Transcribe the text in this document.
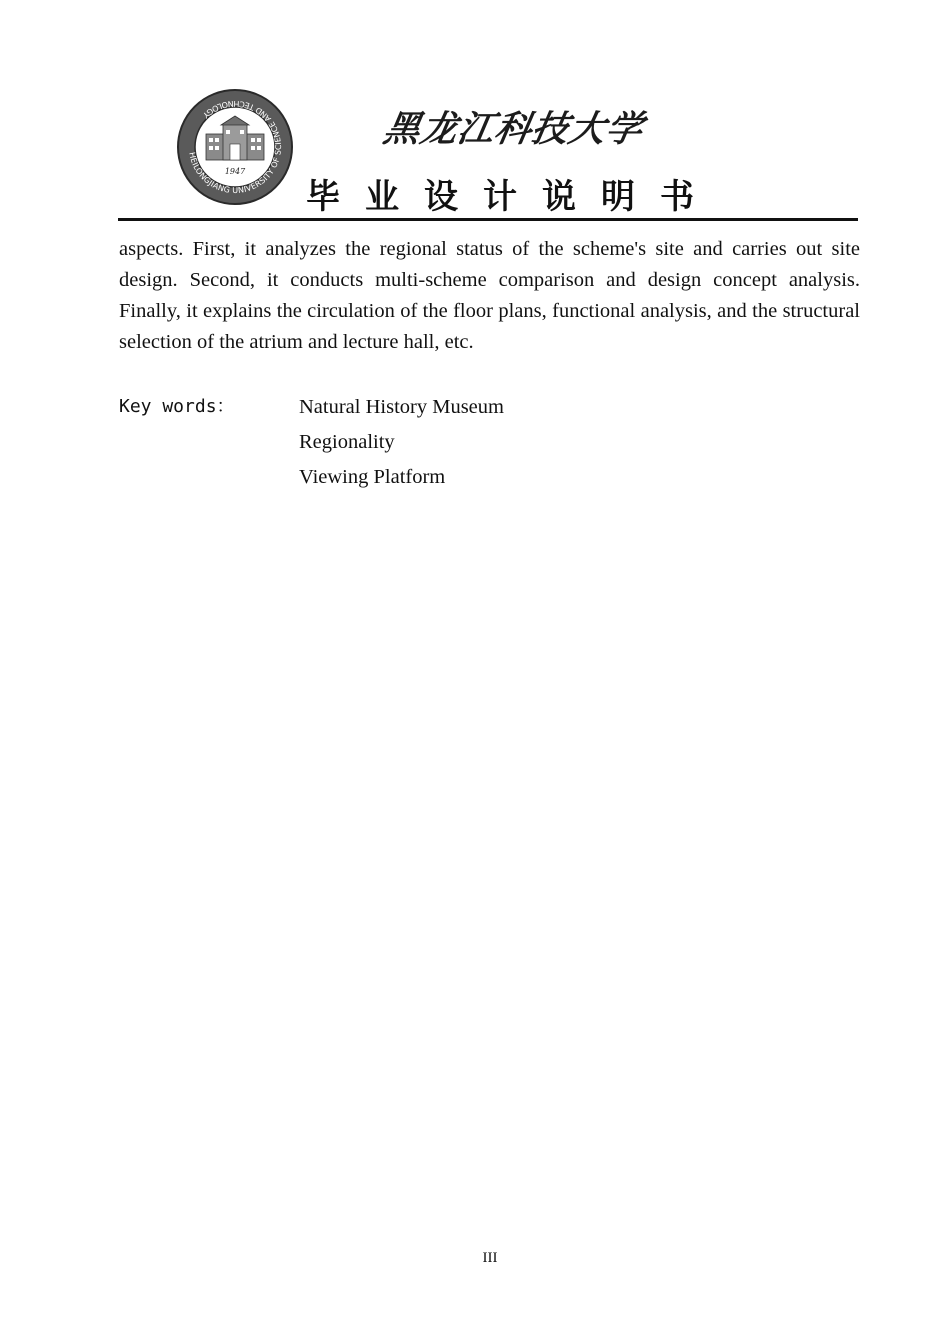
HEILONGJIANG UNIVERSITY OF SCIENCE AND TECHNOLOGY
1947
黑龙江科技大学
毕业设计说明书

aspects. First, it analyzes the regional status of the scheme's site and carries out site design. Second, it conducts multi-scheme comparison and design concept analysis. Finally, it explains the circulation of the floor plans, functional analysis, and the structural selection of the atrium and lecture hall, etc.

Key words：	Natural History Museum
Regionality
Viewing Platform
III
